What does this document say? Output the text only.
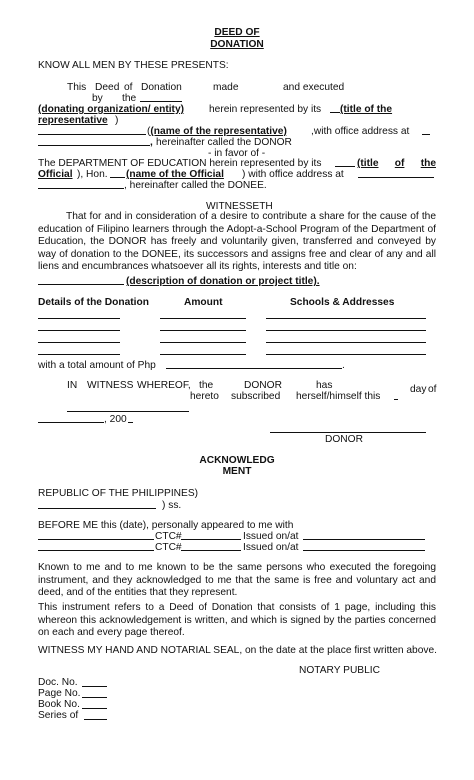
DEED OF
DONATION
KNOW ALL MEN BY THESE PRESENTS:
This Deed of Donation	made	and executed
by the
(donating organization/ entity) herein represented by its (title of the
representative )
((name of the representative) ,with office address at
, hereinafter called the DONOR
- in favor of -
The DEPARTMENT OF EDUCATION herein represented by its	(title of the
Official ), Hon. (name of the Official ) with office address at
, hereinafter called the DONEE.
WITNESSETH
That for and in consideration of a desire to contribute a share for the cause of the education of Filipino learners through the Adopt-a-School Program of the Department of Education, the DONOR has freely and voluntarily given, transferred and conveyed by way of donation to the DONEE, its successors and assigns free and clear of any and all liens and encumbrances whatsoever all its rights, interests and title on:
(description of donation or project title).
Details of the Donation	Amount	Schools & Addresses
with a total amount of Php	.
IN WITNESS WHEREOF, the	DONOR	has	day of
hereto subscribed herself/himself this
, 200
DONOR
ACKNOWLEDG
MENT
REPUBLIC OF THE PHILIPPINES)
) ss.
BEFORE ME this (date), personally appeared to me with
CTC#	Issued on/at
CTC#	Issued on/at
Known to me and to me known to be the same persons who executed the foregoing instrument, and they acknowledged to me that the same is free and voluntary act and deed, and of the entities that they represent.
This instrument refers to a Deed of Donation that consists of 1 page, including this whereon this acknowledgement is written, and which is signed by the parties concerned on each and every page thereof.
WITNESS MY HAND AND NOTARIAL SEAL, on the date at the place first written above.
NOTARY PUBLIC
Doc. No.
Page No.
Book No.
Series of
